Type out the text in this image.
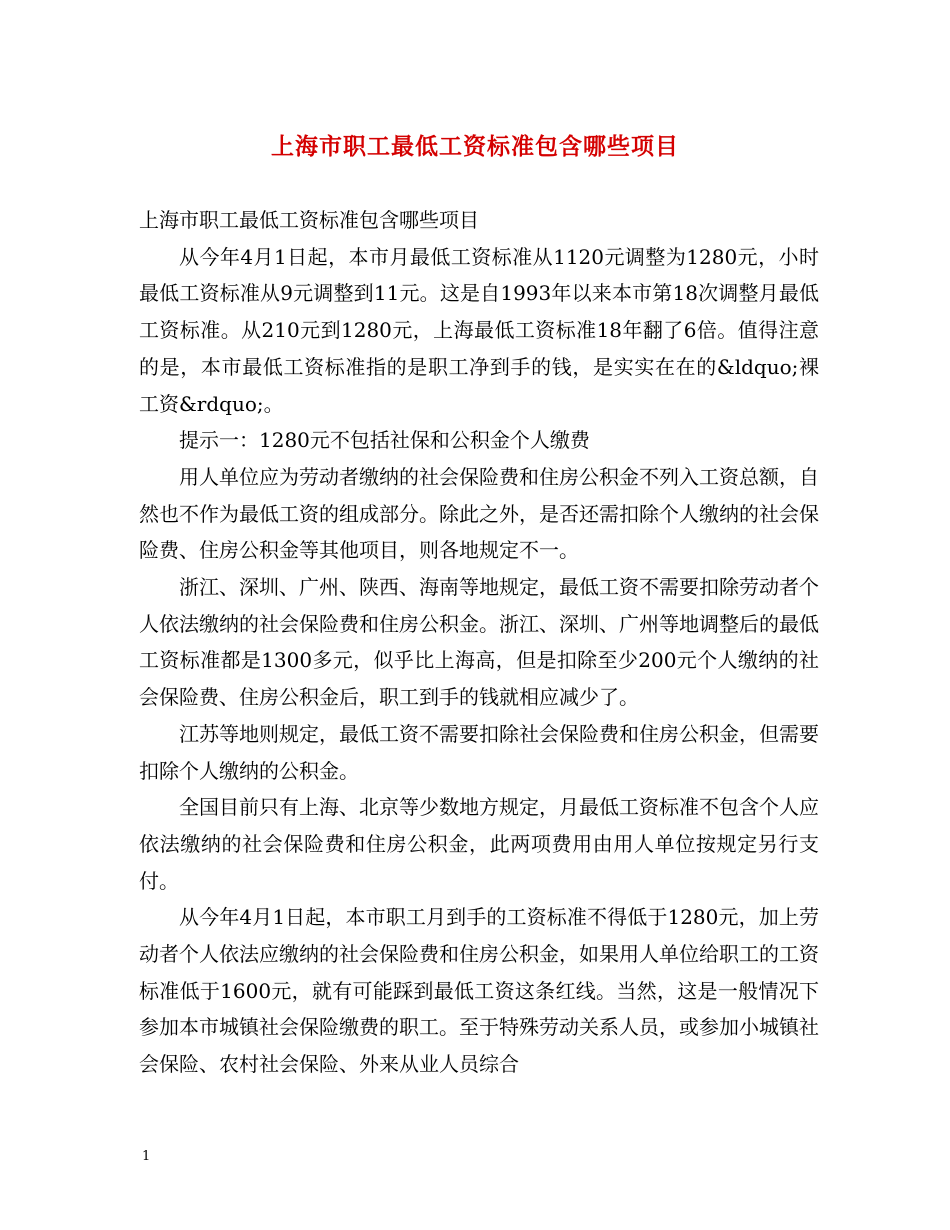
上海市职工最低工资标准包含哪些项目

上海市职工最低工资标准包含哪些项目

从今年4月1日起，本市月最低工资标准从1120元调整为1280元，小时最低工资标准从9元调整到11元。这是自1993年以来本市第18次调整月最低工资标准。从210元到1280元，上海最低工资标准18年翻了6倍。值得注意的是，本市最低工资标准指的是职工净到手的钱，是实实在在的&ldquo;裸工资&rdquo;。

提示一：1280元不包括社保和公积金个人缴费

用人单位应为劳动者缴纳的社会保险费和住房公积金不列入工资总额，自然也不作为最低工资的组成部分。除此之外，是否还需扣除个人缴纳的社会保险费、住房公积金等其他项目，则各地规定不一。

浙江、深圳、广州、陕西、海南等地规定，最低工资不需要扣除劳动者个人依法缴纳的社会保险费和住房公积金。浙江、深圳、广州等地调整后的最低工资标准都是1300多元，似乎比上海高，但是扣除至少200元个人缴纳的社会保险费、住房公积金后，职工到手的钱就相应减少了。

江苏等地则规定，最低工资不需要扣除社会保险费和住房公积金，但需要扣除个人缴纳的公积金。

全国目前只有上海、北京等少数地方规定，月最低工资标准不包含个人应依法缴纳的社会保险费和住房公积金，此两项费用由用人单位按规定另行支付。

从今年4月1日起，本市职工月到手的工资标准不得低于1280元，加上劳动者个人依法应缴纳的社会保险费和住房公积金，如果用人单位给职工的工资标准低于1600元，就有可能踩到最低工资这条红线。当然，这是一般情况下参加本市城镇社会保险缴费的职工。至于特殊劳动关系人员，或参加小城镇社会保险、农村社会保险、外来从业人员综合

1
